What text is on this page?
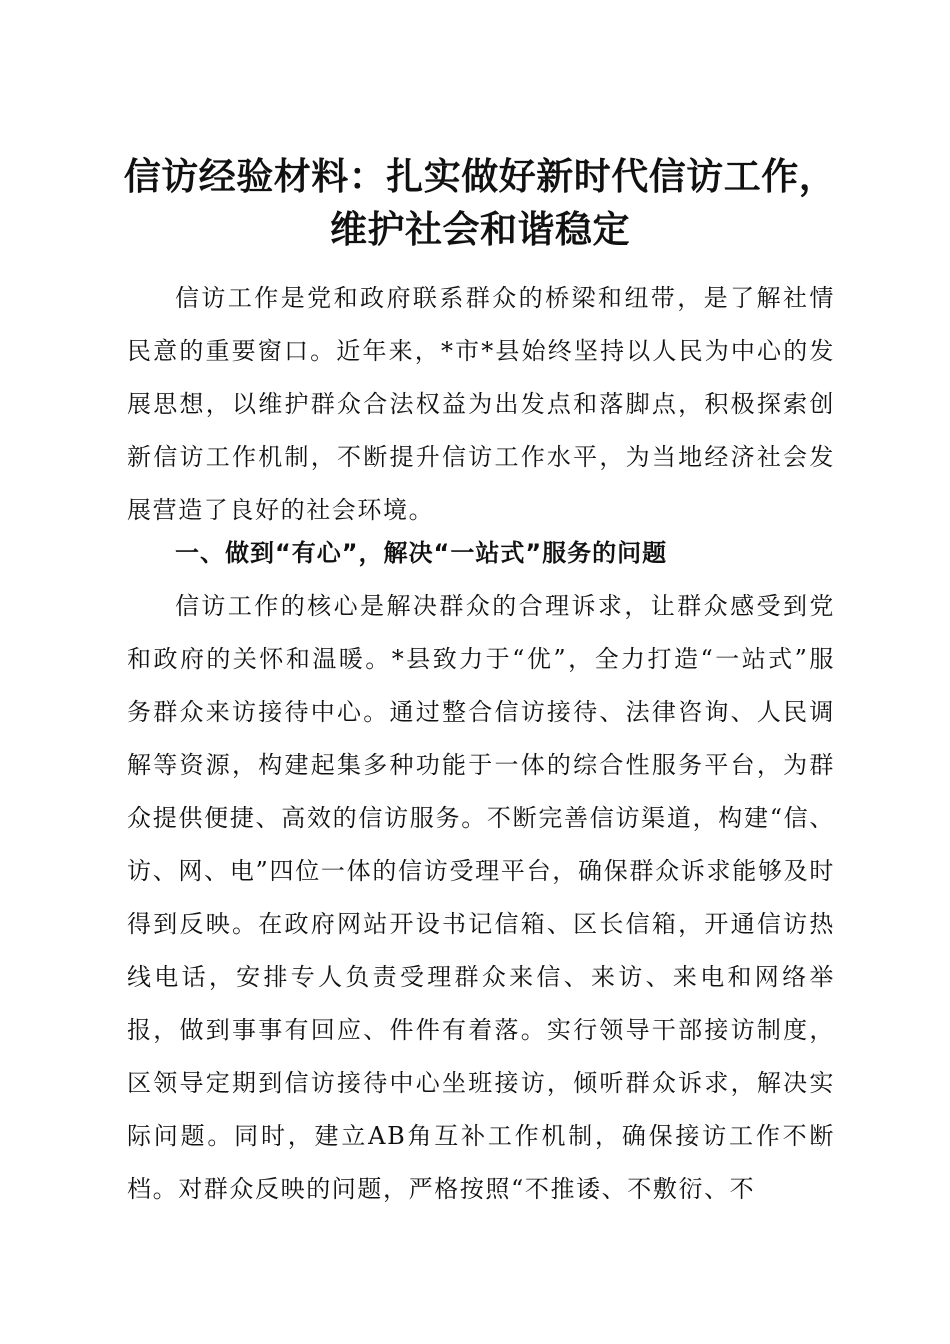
信访经验材料：扎实做好新时代信访工作，维护社会和谐稳定

信访工作是党和政府联系群众的桥梁和纽带，是了解社情民意的重要窗口。近年来，*市*县始终坚持以人民为中心的发展思想，以维护群众合法权益为出发点和落脚点，积极探索创新信访工作机制，不断提升信访工作水平，为当地经济社会发展营造了良好的社会环境。

一、做到“有心”，解决“一站式”服务的问题

信访工作的核心是解决群众的合理诉求，让群众感受到党和政府的关怀和温暖。*县致力于“优”，全力打造“一站式”服务群众来访接待中心。通过整合信访接待、法律咨询、人民调解等资源，构建起集多种功能于一体的综合性服务平台，为群众提供便捷、高效的信访服务。不断完善信访渠道，构建“信、访、网、电”四位一体的信访受理平台，确保群众诉求能够及时得到反映。在政府网站开设书记信箱、区长信箱，开通信访热线电话，安排专人负责受理群众来信、来访、来电和网络举报，做到事事有回应、件件有着落。实行领导干部接访制度，区领导定期到信访接待中心坐班接访，倾听群众诉求，解决实际问题。同时，建立AB角互补工作机制，确保接访工作不断档。对群众反映的问题，严格按照“不推诿、不敷衍、不
